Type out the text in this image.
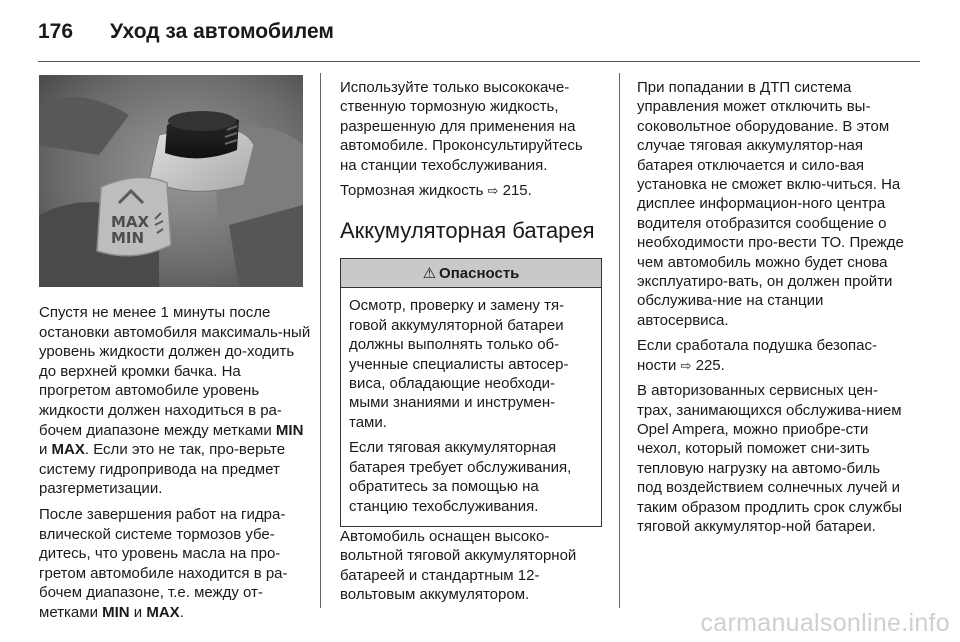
176	Уход за автомобилем
MAX
MIN

Спустя не менее 1 минуты после остановки автомобиля максималь-ный уровень жидкости должен до-ходить до верхней кромки бачка. На прогретом автомобиле уровень жидкости должен находиться в ра-бочем диапазоне между метками MIN и MAX. Если это не так, про-верьте систему гидропривода на предмет разгерметизации.

После завершения работ на гидра-влической системе тормозов убе-дитесь, что уровень масла на про-гретом автомобиле находится в ра-бочем диапазоне, т.е. между от-метками MIN и MAX.

Используйте только высококаче-ственную тормозную жидкость, разрешенную для применения на автомобиле. Проконсультируйтесь на станции техобслуживания.

Тормозная жидкость ⇨ 215.

Аккумуляторная батарея
⚠ Опасность

Осмотр, проверку и замену тя-говой аккумуляторной батареи должны выполнять только об-ученные специалисты автосер-виса, обладающие необходи-мыми знаниями и инструмен-тами.

Если тяговая аккумуляторная батарея требует обслуживания, обратитесь за помощью на станцию техобслуживания.

Автомобиль оснащен высоко-вольтной тяговой аккумуляторной батареей и стандартным 12-вольтовым аккумулятором.

При попадании в ДТП система управления может отключить вы-соковольтное оборудование. В этом случае тяговая аккумулятор-ная батарея отключается и сило-вая установка не сможет вклю-читься. На дисплее информацион-ного центра водителя отобразится сообщение о необходимости про-вести ТО. Прежде чем автомобиль можно будет снова эксплуатиро-вать, он должен пройти обслужива-ние на станции автосервиса.

Если сработала подушка безопас-ности ⇨ 225.

В авторизованных сервисных цен-трах, занимающихся обслужива-нием Opel Ampera, можно приобре-сти чехол, который поможет сни-зить тепловую нагрузку на автомо-биль под воздействием солнечных лучей и таким образом продлить срок службы тяговой аккумулятор-ной батареи.

carmanualsonline.info
